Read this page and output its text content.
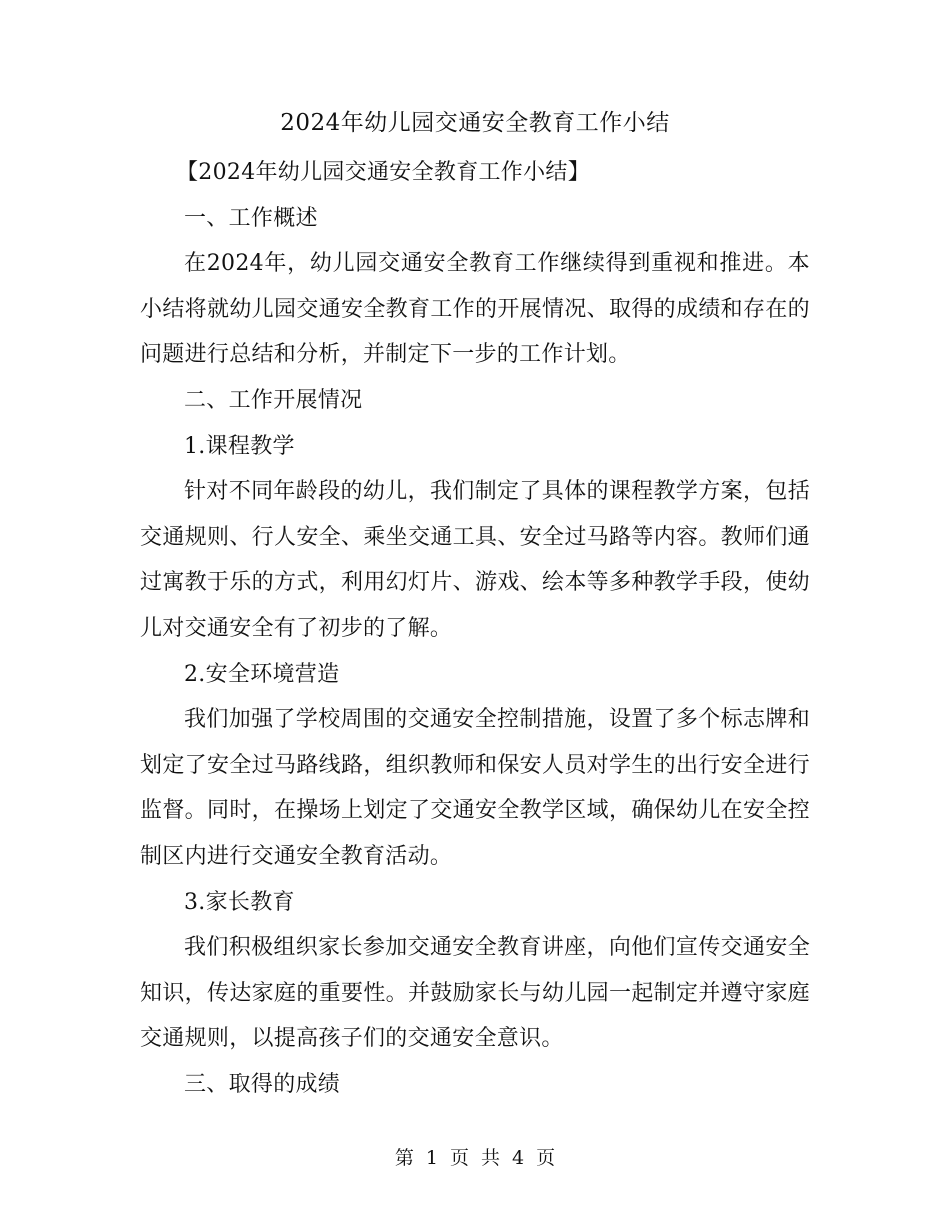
2024年幼儿园交通安全教育工作小结

【2024年幼儿园交通安全教育工作小结】

一、工作概述

在2024年，幼儿园交通安全教育工作继续得到重视和推进。本小结将就幼儿园交通安全教育工作的开展情况、取得的成绩和存在的问题进行总结和分析，并制定下一步的工作计划。

二、工作开展情况

1.课程教学

针对不同年龄段的幼儿，我们制定了具体的课程教学方案，包括交通规则、行人安全、乘坐交通工具、安全过马路等内容。教师们通过寓教于乐的方式，利用幻灯片、游戏、绘本等多种教学手段，使幼儿对交通安全有了初步的了解。

2.安全环境营造

我们加强了学校周围的交通安全控制措施，设置了多个标志牌和划定了安全过马路线路，组织教师和保安人员对学生的出行安全进行监督。同时，在操场上划定了交通安全教学区域，确保幼儿在安全控制区内进行交通安全教育活动。

3.家长教育

我们积极组织家长参加交通安全教育讲座，向他们宣传交通安全知识，传达家庭的重要性。并鼓励家长与幼儿园一起制定并遵守家庭交通规则，以提高孩子们的交通安全意识。

三、取得的成绩

第 1 页 共 4 页
